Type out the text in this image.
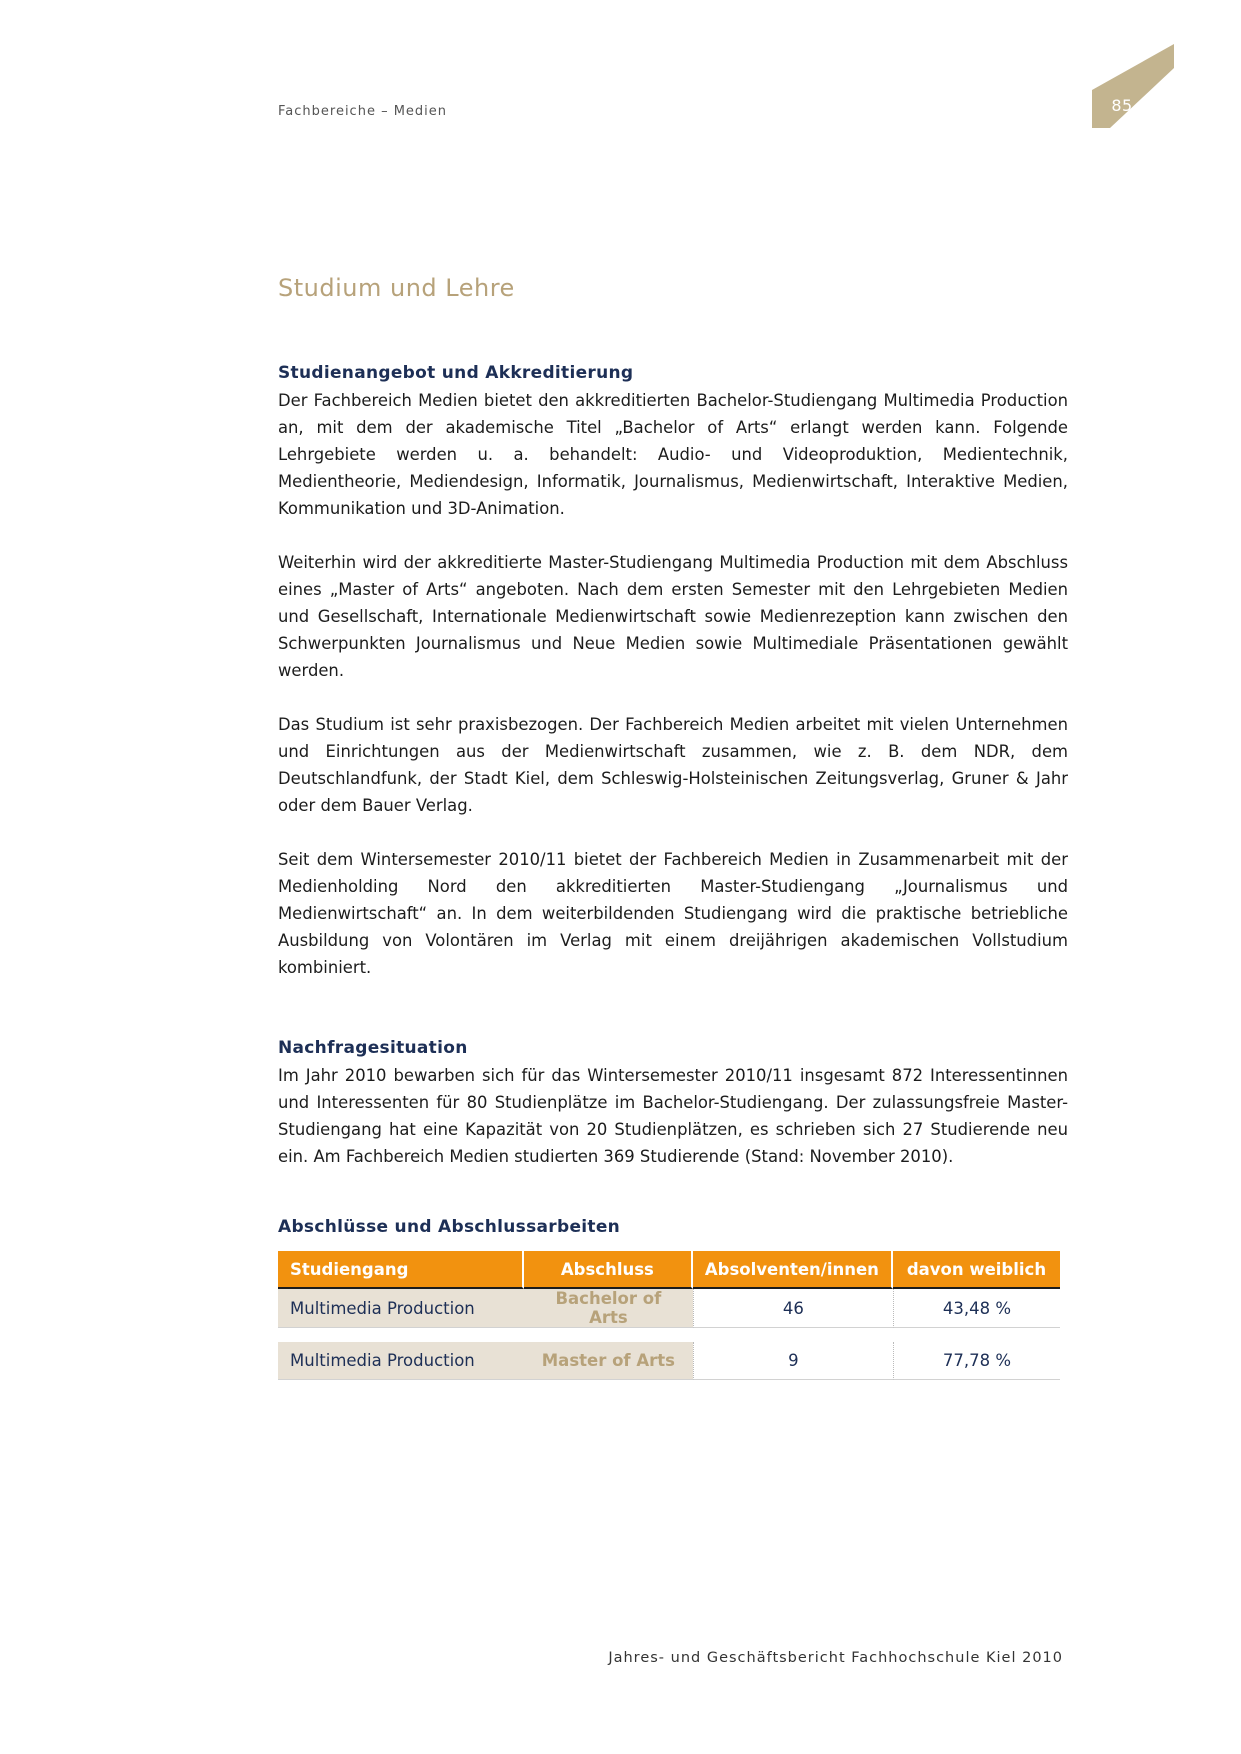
Fachbereiche – Medien	85
Studium und Lehre
Studienangebot und Akkreditierung

Der Fachbereich Medien bietet den akkreditierten Bachelor-Studiengang Multimedia Production an, mit dem der akademische Titel „Bachelor of Arts“ erlangt werden kann. Folgende Lehrgebiete werden u. a. behandelt: Audio- und Videoproduktion, Medientechnik, Medientheorie, Mediendesign, Informatik, Journalismus, Medienwirtschaft, Interaktive Medien, Kommunikation und 3D-Animation.

Weiterhin wird der akkreditierte Master-Studiengang Multimedia Production mit dem Abschluss eines „Master of Arts“ angeboten. Nach dem ersten Semester mit den Lehrgebieten Medien und Gesellschaft, Internationale Medienwirtschaft sowie Medienrezeption kann zwischen den Schwerpunkten Journalismus und Neue Medien sowie Multimediale Präsentationen gewählt werden.

Das Studium ist sehr praxisbezogen. Der Fachbereich Medien arbeitet mit vielen Unternehmen und Einrichtungen aus der Medienwirtschaft zusammen, wie z. B. dem NDR, dem Deutschlandfunk, der Stadt Kiel, dem Schleswig-Holsteinischen Zeitungsverlag, Gruner & Jahr oder dem Bauer Verlag.

Seit dem Wintersemester 2010/11 bietet der Fachbereich Medien in Zusammenarbeit mit der Medienholding Nord den akkreditierten Master-Studiengang „Journalismus und Medienwirtschaft“ an. In dem weiterbildenden Studiengang wird die praktische betriebliche Ausbildung von Volontären im Verlag mit einem dreijährigen akademischen Vollstudium kombiniert.

Nachfragesituation

Im Jahr 2010 bewarben sich für das Wintersemester 2010/11 insgesamt 872 Interessentinnen und Interessenten für 80 Studienplätze im Bachelor-Studiengang. Der zulassungsfreie Master-Studiengang hat eine Kapazität von 20 Studienplätzen, es schrieben sich 27 Studierende neu ein. Am Fachbereich Medien studierten 369 Studierende (Stand: November 2010).

Abschlüsse und Abschlussarbeiten
Studiengang	Abschluss	Absolventen/innen	davon weiblich
Multimedia Production	Bachelor of Arts	46	43,48 %

Multimedia Production	Master of Arts	9	77,78 %
Jahres- und Geschäftsbericht Fachhochschule Kiel 2010
